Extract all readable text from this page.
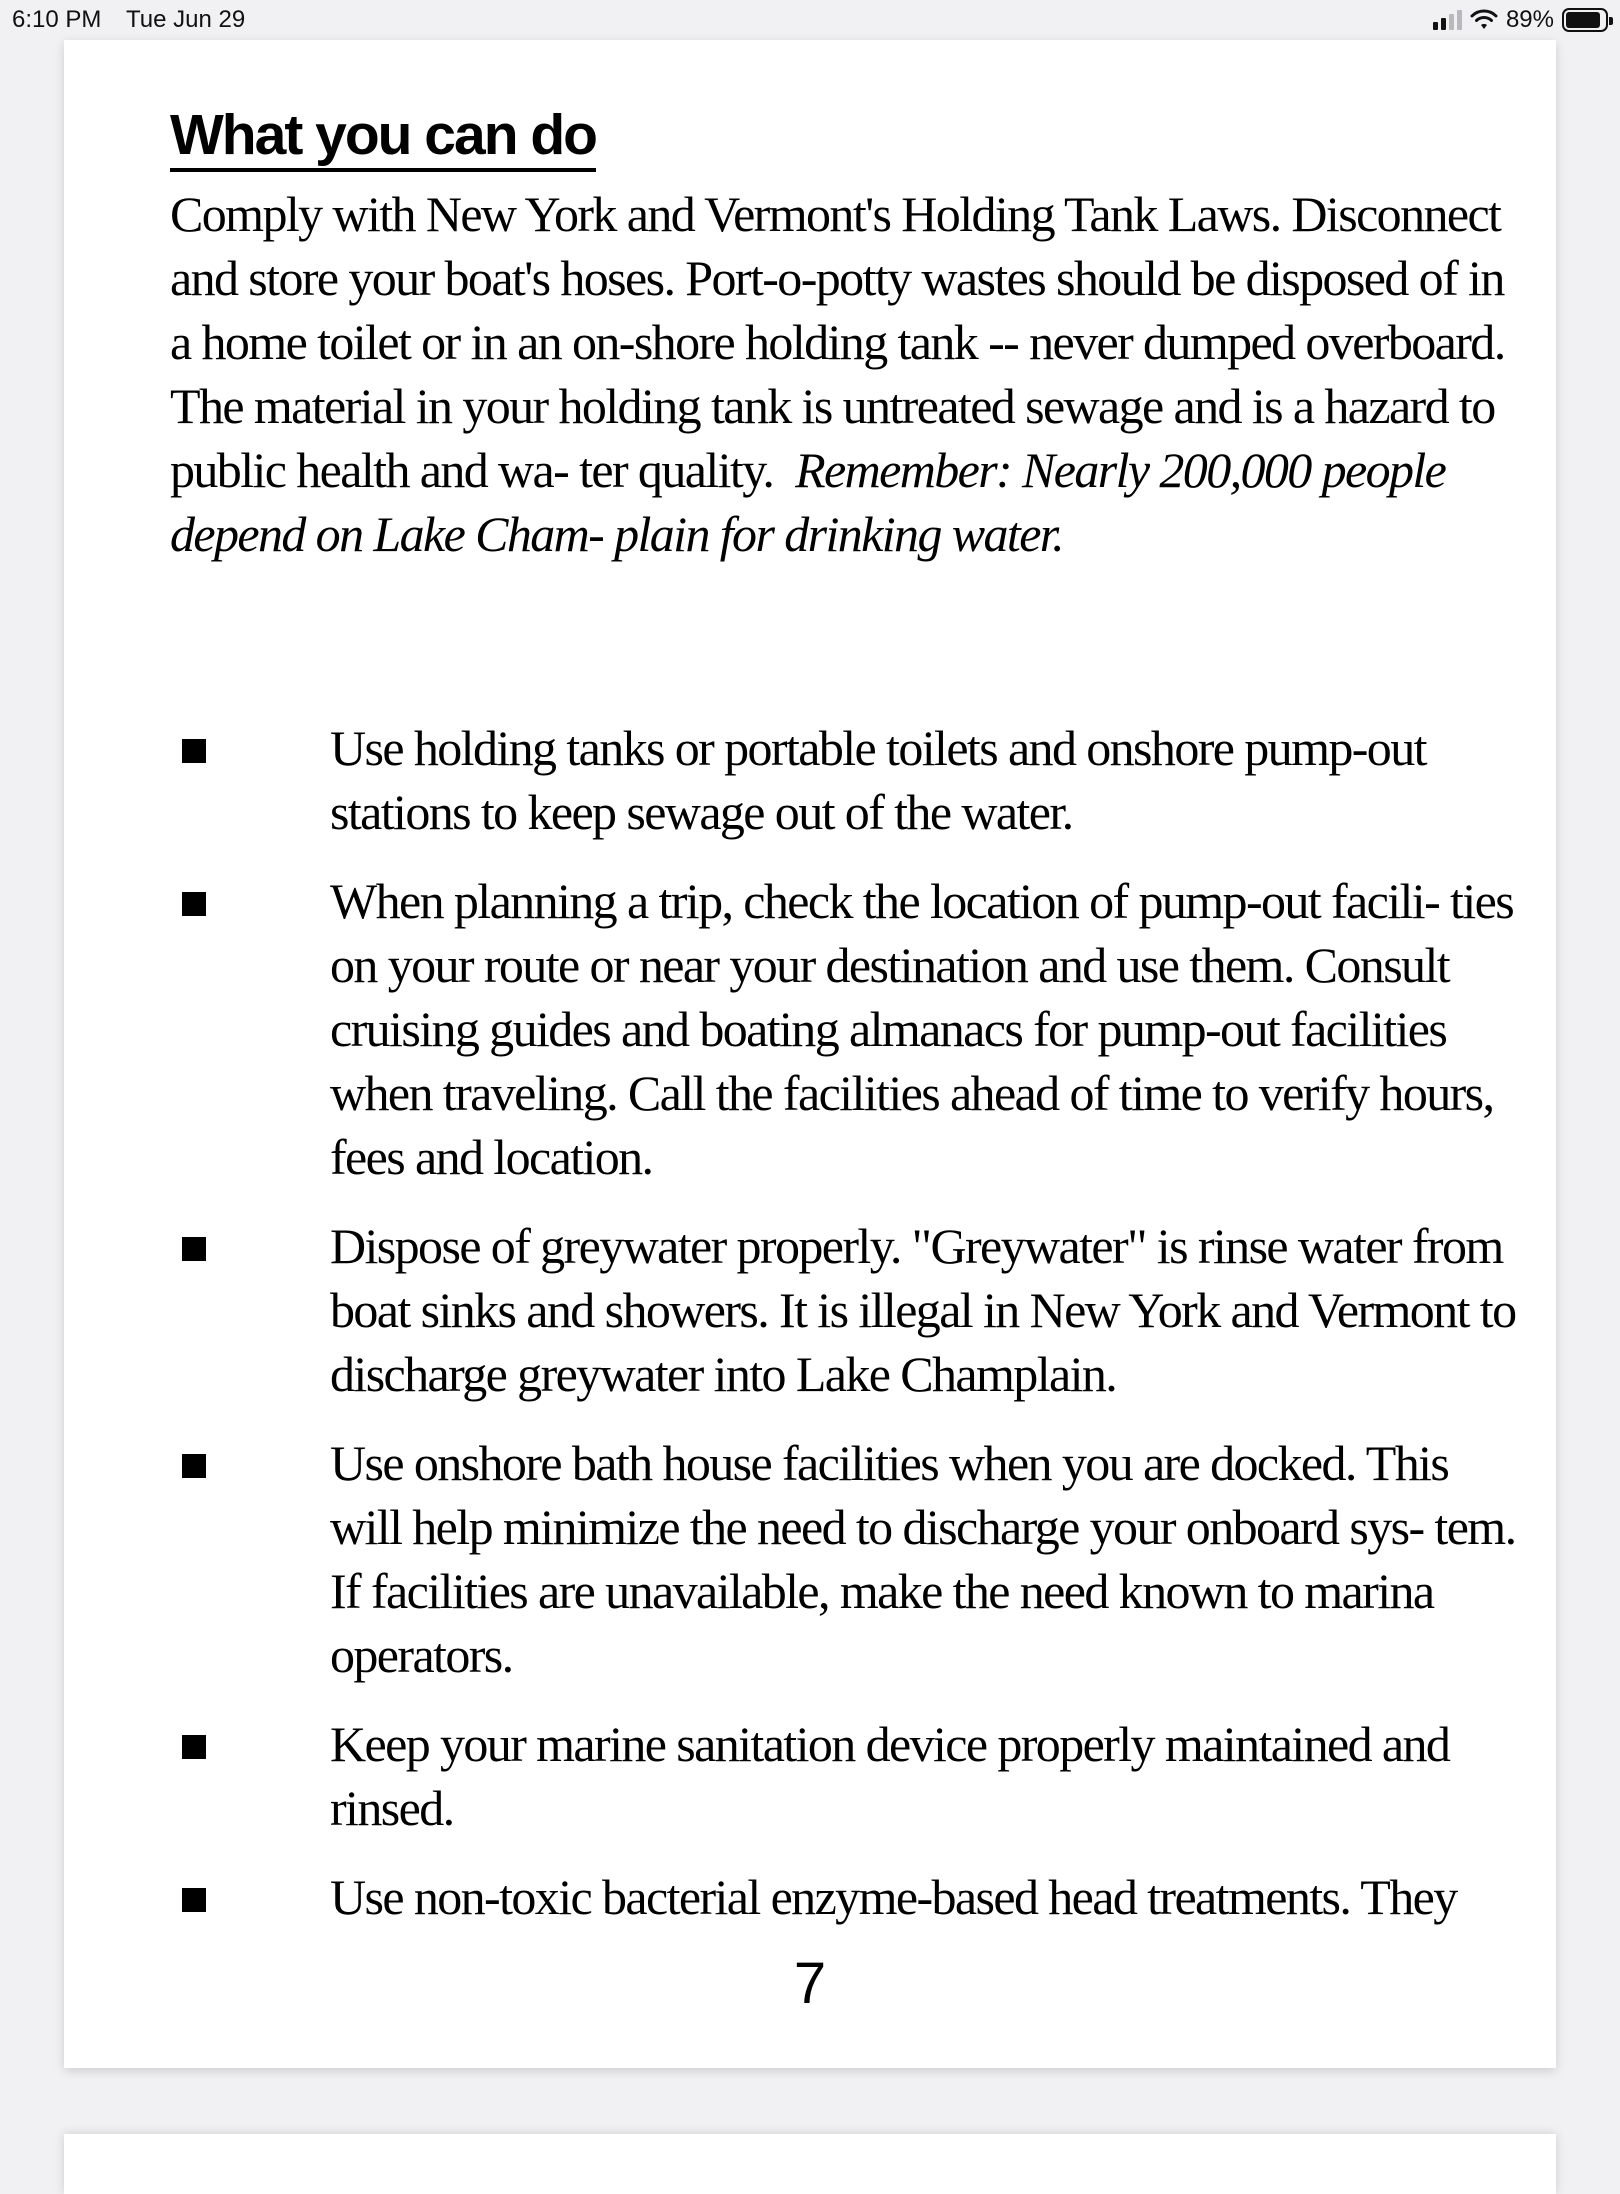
6:10 PM Tue Jun 29	89%
What you can do

Comply with New York and Vermont's Holding Tank Laws. Disconnect and store your boat's hoses. Port-o-potty wastes should be disposed of in a home toilet or in an on-shore holding tank -- never dumped overboard. The material in your holding tank is untreated sewage and is a hazard to public health and wa- ter quality. Remember: Nearly 200,000 people depend on Lake Cham- plain for drinking water.

Use holding tanks or portable toilets and onshore pump-out stations to keep sewage out of the water.
When planning a trip, check the location of pump-out facili- ties on your route or near your destination and use them. Consult cruising guides and boating almanacs for pump-out facilities when traveling. Call the facilities ahead of time to verify hours, fees and location.
Dispose of greywater properly. "Greywater" is rinse water from boat sinks and showers. It is illegal in New York and Vermont to discharge greywater into Lake Champlain.
Use onshore bath house facilities when you are docked. This will help minimize the need to discharge your onboard sys- tem. If facilities are unavailable, make the need known to marina operators.
Keep your marine sanitation device properly maintained and rinsed.
Use non-toxic bacterial enzyme-based head treatments. They
7
